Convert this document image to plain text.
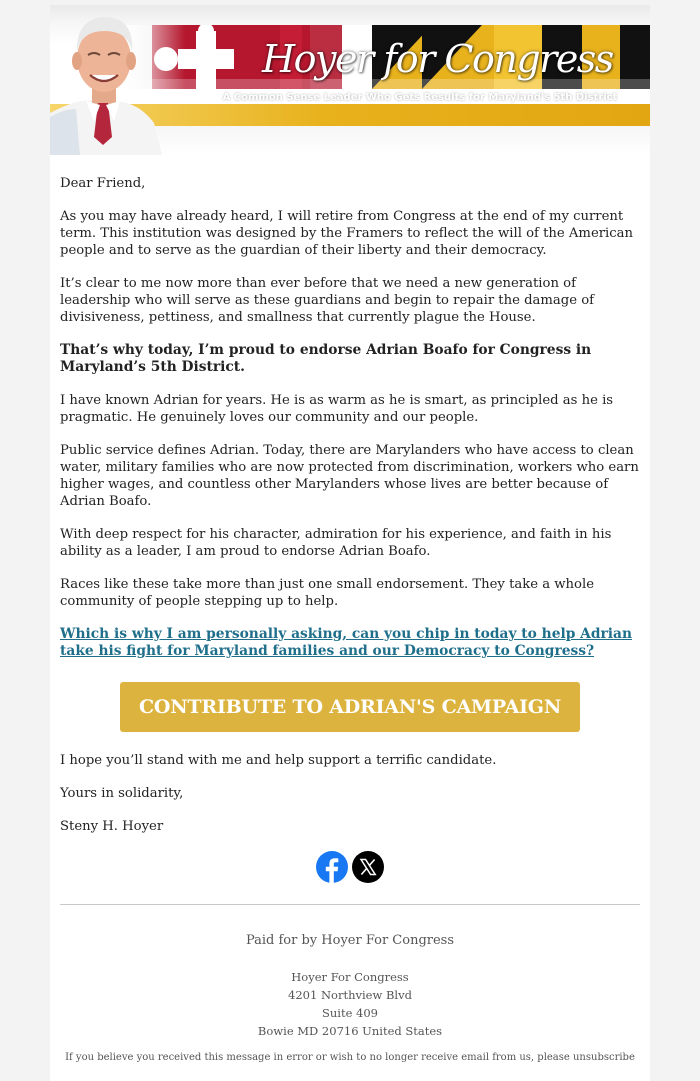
Hoyer for Congress
A Common Sense Leader Who Gets Results for Maryland's 5th District

Dear Friend,

As you may have already heard, I will retire from Congress at the end of my current term. This institution was designed by the Framers to reflect the will of the American people and to serve as the guardian of their liberty and their democracy.

It’s clear to me now more than ever before that we need a new generation of leadership who will serve as these guardians and begin to repair the damage of divisiveness, pettiness, and smallness that currently plague the House.

That’s why today, I’m proud to endorse Adrian Boafo for Congress in Maryland’s 5th District.

I have known Adrian for years. He is as warm as he is smart, as principled as he is pragmatic. He genuinely loves our community and our people.

Public service defines Adrian. Today, there are Marylanders who have access to clean water, military families who are now protected from discrimination, workers who earn higher wages, and countless other Marylanders whose lives are better because of Adrian Boafo.

With deep respect for his character, admiration for his experience, and faith in his ability as a leader, I am proud to endorse Adrian Boafo.

Races like these take more than just one small endorsement. They take a whole community of people stepping up to help.

Which is why I am personally asking, can you chip in today to help Adrian take his fight for Maryland families and our Democracy to Congress?
CONTRIBUTE TO ADRIAN'S CAMPAIGN

I hope you’ll stand with me and help support a terrific candidate.

Yours in solidarity,

Steny H. Hoyer

Paid for by Hoyer For Congress
Hoyer For Congress
4201 Northview Blvd
Suite 409
Bowie MD 20716 United States
If you believe you received this message in error or wish to no longer receive email from us, please unsubscribe
